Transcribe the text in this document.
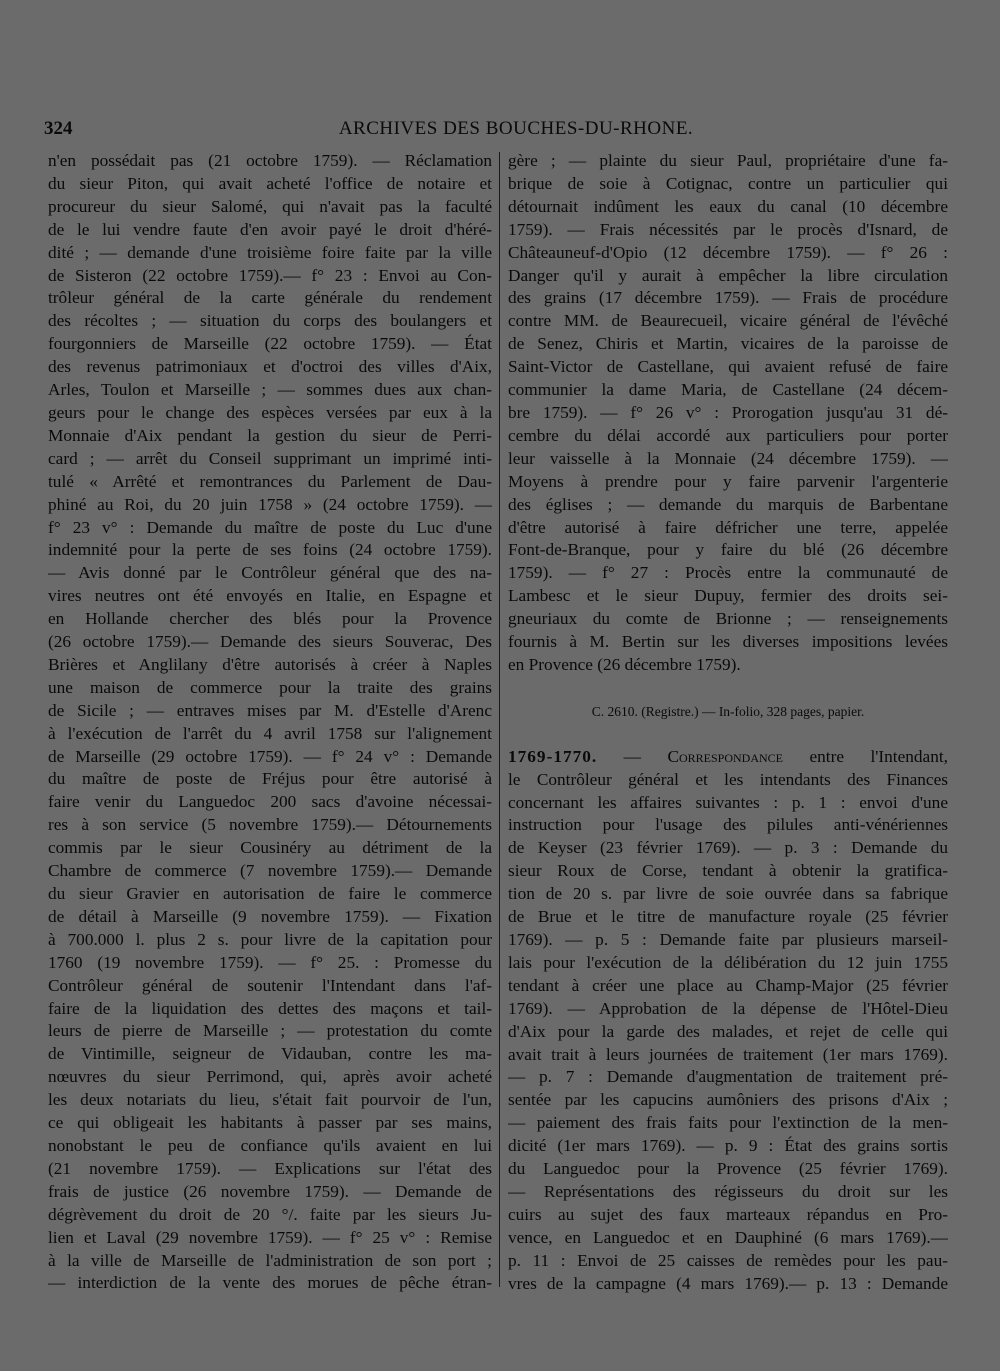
324	ARCHIVES DES BOUCHES-DU-RHONE.
n'en possédait pas (21 octobre 1759). — Réclamation
du sieur Piton, qui avait acheté l'office de notaire et
procureur du sieur Salomé, qui n'avait pas la faculté
de le lui vendre faute d'en avoir payé le droit d'héré-
dité ; — demande d'une troisième foire faite par la ville
de Sisteron (22 octobre 1759).— f° 23 : Envoi au Con-
trôleur général de la carte générale du rendement
des récoltes ; — situation du corps des boulangers et
fourgonniers de Marseille (22 octobre 1759). — État
des revenus patrimoniaux et d'octroi des villes d'Aix,
Arles, Toulon et Marseille ; — sommes dues aux chan-
geurs pour le change des espèces versées par eux à la
Monnaie d'Aix pendant la gestion du sieur de Perri-
card ; — arrêt du Conseil supprimant un imprimé inti-
tulé « Arrêté et remontrances du Parlement de Dau-
phiné au Roi, du 20 juin 1758 » (24 octobre 1759). —
f° 23 v° : Demande du maître de poste du Luc d'une
indemnité pour la perte de ses foins (24 octobre 1759).
— Avis donné par le Contrôleur général que des na-
vires neutres ont été envoyés en Italie, en Espagne et
en Hollande chercher des blés pour la Provence
(26 octobre 1759).— Demande des sieurs Souverac, Des
Brières et Anglilany d'être autorisés à créer à Naples
une maison de commerce pour la traite des grains
de Sicile ; — entraves mises par M. d'Estelle d'Arenc
à l'exécution de l'arrêt du 4 avril 1758 sur l'alignement
de Marseille (29 octobre 1759). — f° 24 v° : Demande
du maître de poste de Fréjus pour être autorisé à
faire venir du Languedoc 200 sacs d'avoine nécessai-
res à son service (5 novembre 1759).— Détournements
commis par le sieur Cousinéry au détriment de la
Chambre de commerce (7 novembre 1759).— Demande
du sieur Gravier en autorisation de faire le commerce
de détail à Marseille (9 novembre 1759). — Fixation
à 700.000 l. plus 2 s. pour livre de la capitation pour
1760 (19 novembre 1759). — f° 25. : Promesse du
Contrôleur général de soutenir l'Intendant dans l'af-
faire de la liquidation des dettes des maçons et tail-
leurs de pierre de Marseille ; — protestation du comte
de Vintimille, seigneur de Vidauban, contre les ma-
nœuvres du sieur Perrimond, qui, après avoir acheté
les deux notariats du lieu, s'était fait pourvoir de l'un,
ce qui obligeait les habitants à passer par ses mains,
nonobstant le peu de confiance qu'ils avaient en lui
(21 novembre 1759). — Explications sur l'état des
frais de justice (26 novembre 1759). — Demande de
dégrèvement du droit de 20 °/. faite par les sieurs Ju-
lien et Laval (29 novembre 1759). — f° 25 v° : Remise
à la ville de Marseille de l'administration de son port ;
— interdiction de la vente des morues de pêche étran-
gère ; — plainte du sieur Paul, propriétaire d'une fa-
brique de soie à Cotignac, contre un particulier qui
détournait indûment les eaux du canal (10 décembre
1759). — Frais nécessités par le procès d'Isnard, de
Châteauneuf-d'Opio (12 décembre 1759). — f° 26 :
Danger qu'il y aurait à empêcher la libre circulation
des grains (17 décembre 1759). — Frais de procédure
contre MM. de Beaurecueil, vicaire général de l'évêché
de Senez, Chiris et Martin, vicaires de la paroisse de
Saint-Victor de Castellane, qui avaient refusé de faire
communier la dame Maria, de Castellane (24 décem-
bre 1759). — f° 26 v° : Prorogation jusqu'au 31 dé-
cembre du délai accordé aux particuliers pour porter
leur vaisselle à la Monnaie (24 décembre 1759). —
Moyens à prendre pour y faire parvenir l'argenterie
des églises ; — demande du marquis de Barbentane
d'être autorisé à faire défricher une terre, appelée
Font-de-Branque, pour y faire du blé (26 décembre
1759). — f° 27 : Procès entre la communauté de
Lambesc et le sieur Dupuy, fermier des droits sei-
gneuriaux du comte de Brionne ; — renseignements
fournis à M. Bertin sur les diverses impositions levées
en Provence (26 décembre 1759).
C. 2610. (Registre.) — In-folio, 328 pages, papier.
1769-1770. — Correspondance entre l'Intendant,
le Contrôleur général et les intendants des Finances
concernant les affaires suivantes : p. 1 : envoi d'une
instruction pour l'usage des pilules anti-vénériennes
de Keyser (23 février 1769). — p. 3 : Demande du
sieur Roux de Corse, tendant à obtenir la gratifica-
tion de 20 s. par livre de soie ouvrée dans sa fabrique
de Brue et le titre de manufacture royale (25 février
1769). — p. 5 : Demande faite par plusieurs marseil-
lais pour l'exécution de la délibération du 12 juin 1755
tendant à créer une place au Champ-Major (25 février
1769). — Approbation de la dépense de l'Hôtel-Dieu
d'Aix pour la garde des malades, et rejet de celle qui
avait trait à leurs journées de traitement (1er mars 1769).
— p. 7 : Demande d'augmentation de traitement pré-
sentée par les capucins aumôniers des prisons d'Aix ;
— paiement des frais faits pour l'extinction de la men-
dicité (1er mars 1769). — p. 9 : État des grains sortis
du Languedoc pour la Provence (25 février 1769).
— Représentations des régisseurs du droit sur les
cuirs au sujet des faux marteaux répandus en Pro-
vence, en Languedoc et en Dauphiné (6 mars 1769).—
p. 11 : Envoi de 25 caisses de remèdes pour les pau-
vres de la campagne (4 mars 1769).— p. 13 : Demande
